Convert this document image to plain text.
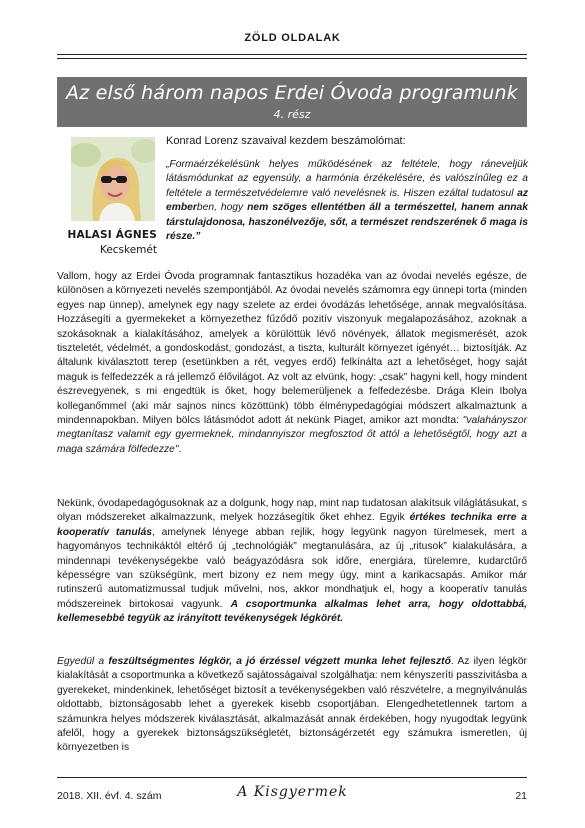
ZÖLD OLDALAK
Az első három napos Erdei Óvoda programunk
4. rész
HALASI ÁGNES
Kecskemét
Konrad Lorenz szavaival kezdem beszámolómat:
„Formaérzékelésünk helyes működésének az feltétele, hogy ráneveljük látásmódunkat az egyensúly, a harmónia érzékelésére, és valószínűleg ez a feltétele a természetvédelemre való nevelésnek is. Hiszen ezáltal tudatosul az emberben, hogy nem szöges ellentétben áll a természettel, hanem annak társtulajdonosa, haszonélvezője, sőt, a természet rendszerének ő maga is része.”

Vallom, hogy az Erdei Óvoda programnak fantasztikus hozadéka van az óvodai nevelés egésze, de különösen a környezeti nevelés szempontjából. Az óvodai nevelés számomra egy ünnepi torta (minden egyes nap ünnep), amelynek egy nagy szelete az erdei óvodázás lehetősége, annak megvalósítása. Hozzásegíti a gyermekeket a környezethez fűződő pozitív viszonyuk megalapozásához, azoknak a szokásoknak a kialakításához, amelyek a körülöttük lévő növények, állatok megismerését, azok tiszteletét, védelmét, a gondoskodást, gondozást, a tiszta, kulturált környezet igényét… biztosítják. Az általunk kiválasztott terep (esetünkben a rét, vegyes erdő) felkínálta azt a lehetőséget, hogy saját maguk is felfedezzék a rá jellemző élővilágot. Az volt az elvünk, hogy: „csak” hagyni kell, hogy mindent észrevegyenek, s mi engedtük is őket, hogy belemerüljenek a felfedezésbe. Drága Klein Ibolya kolleganőmmel (aki már sajnos nincs közöttünk) több élménypedagógiai módszert alkalmaztunk a mindennapokban. Milyen bölcs látásmódot adott át nekünk Piaget, amikor azt mondta: "valahányszor megtanítasz valamit egy gyermeknek, mindannyiszor megfosztod őt attól a lehetőségtől, hogy azt a maga számára fölfedezze".

Nekünk, óvodapedagógusoknak az a dolgunk, hogy nap, mint nap tudatosan alakítsuk világlátásukat, s olyan módszereket alkalmazzunk, melyek hozzásegítik őket ehhez. Egyik értékes technika erre a kooperatív tanulás, amelynek lényege abban rejlik, hogy legyünk nagyon türelmesek, mert a hagyományos technikáktól eltérő új „technológiák” megtanulására, az új „ritusok” kialakulására, a mindennapi tevékenységekbe való beágyazódásra sok időre, energiára, türelemre, kudarctűrő képességre van szükségünk, mert bizony ez nem megy úgy, mint a karikacsapás. Amikor már rutinszerű automatizmussal tudjuk művelni, nos, akkor mondhatjuk el, hogy a kooperatív tanulás módszereinek birtokosai vagyunk. A csoportmunka alkalmas lehet arra, hogy oldottabbá, kellemesebbé tegyük az irányított tevékenységek légkörét.

Egyedül a feszültségmentes légkör, a jó érzéssel végzett munka lehet fejlesztő. Az ilyen légkör kialakítását a csoportmunka a következő sajátosságaival szolgálhatja: nem kényszeríti passzivitásba a gyerekeket, mindenkinek, lehetőséget biztosít a tevékenységekben való részvételre, a megnyilvánulás oldottabb, biztonságosabb lehet a gyerekek kisebb csoportjában. Elengedhetetlennek tartom a számunkra helyes módszerek kiválasztását, alkalmazását annak érdekében, hogy nyugodtak legyünk afelől, hogy a gyerekek biztonságszükségletét, biztonságérzetét egy számukra ismeretlen, új környezetben is

2018. XII. évf. 4. szám	A Kisgyermek	21
